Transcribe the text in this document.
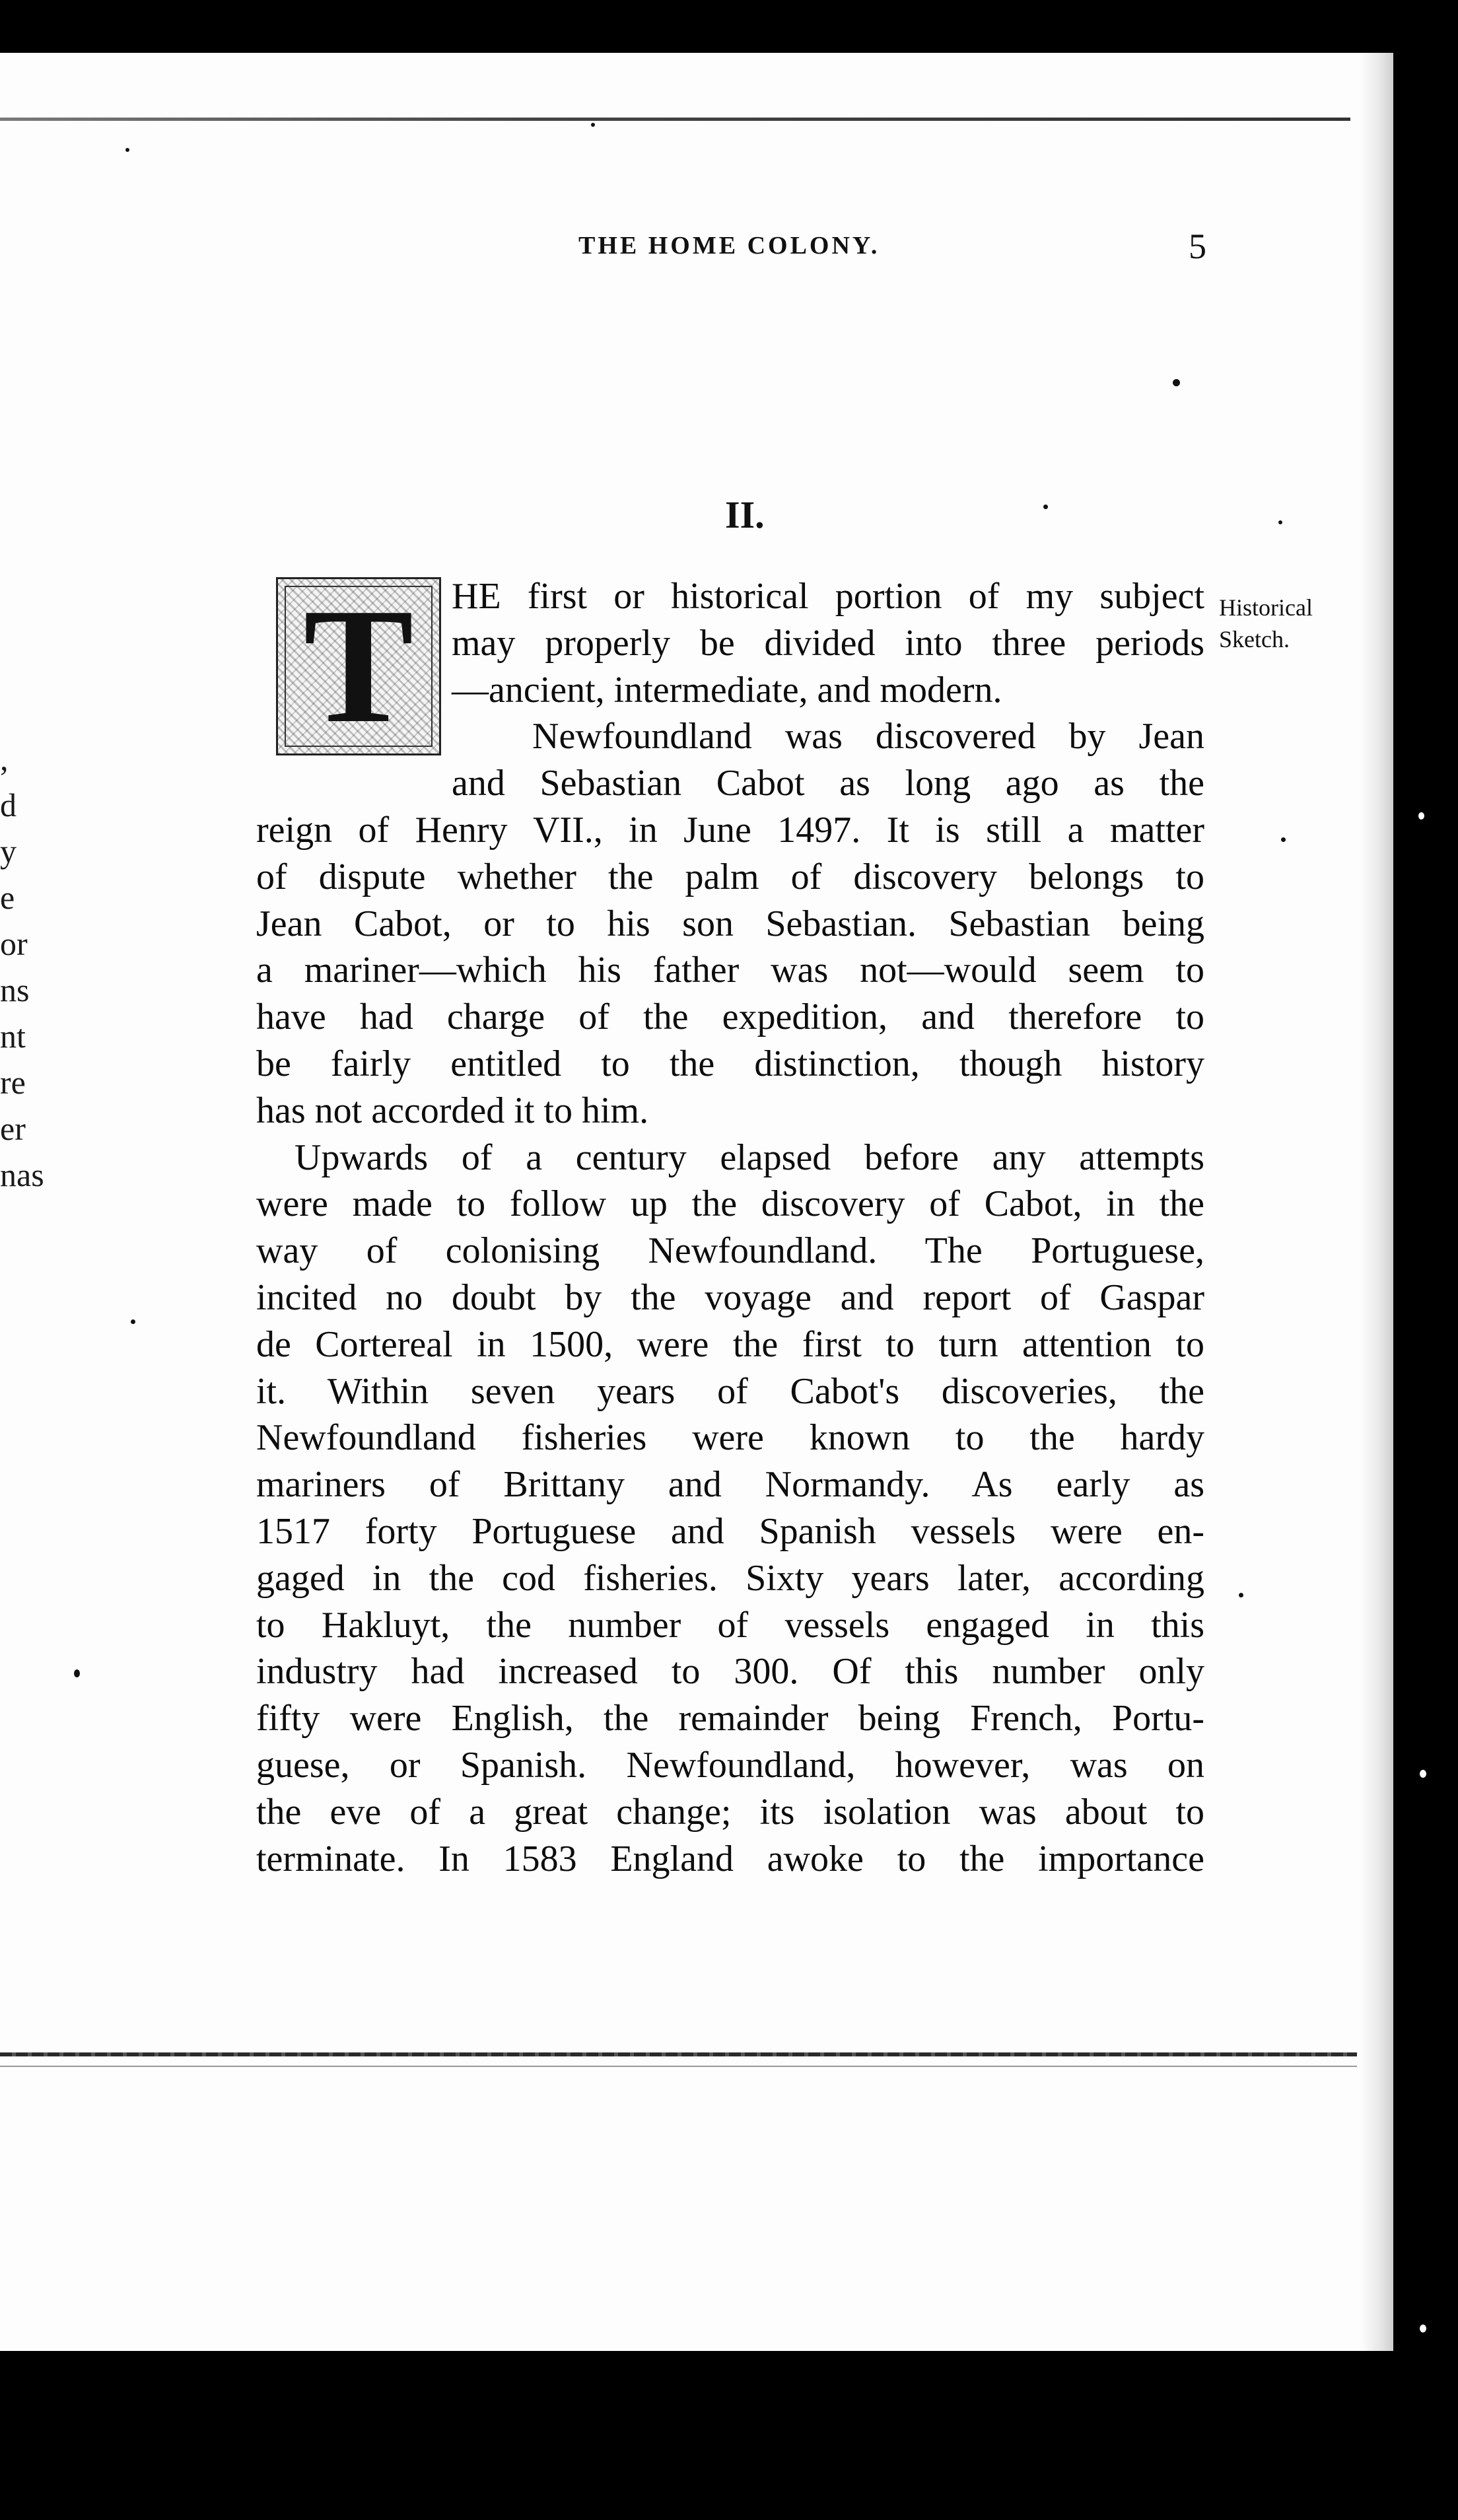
,
d
y
e
or
ns
nt
re
er
nas
THE HOME COLONY.	5
II.
T	Historical
Sketch.
HE first or historical portion of my subject
may properly be divided into three periods
—ancient, intermediate, and modern.
Newfoundland was discovered by Jean
and Sebastian Cabot as long ago as the
reign of Henry VII., in June 1497. It is still a matter
of dispute whether the palm of discovery belongs to
Jean Cabot, or to his son Sebastian. Sebastian being
a mariner—which his father was not—would seem to
have had charge of the expedition, and therefore to
be fairly entitled to the distinction, though history
has not accorded it to him.
Upwards of a century elapsed before any attempts
were made to follow up the discovery of Cabot, in the
way of colonising Newfoundland. The Portuguese,
incited no doubt by the voyage and report of Gaspar
de Cortereal in 1500, were the first to turn attention to
it. Within seven years of Cabot's discoveries, the
Newfoundland fisheries were known to the hardy
mariners of Brittany and Normandy. As early as
1517 forty Portuguese and Spanish vessels were en-
gaged in the cod fisheries. Sixty years later, according
to Hakluyt, the number of vessels engaged in this
industry had increased to 300. Of this number only
fifty were English, the remainder being French, Portu-
guese, or Spanish. Newfoundland, however, was on
the eve of a great change; its isolation was about to
terminate. In 1583 England awoke to the importance
